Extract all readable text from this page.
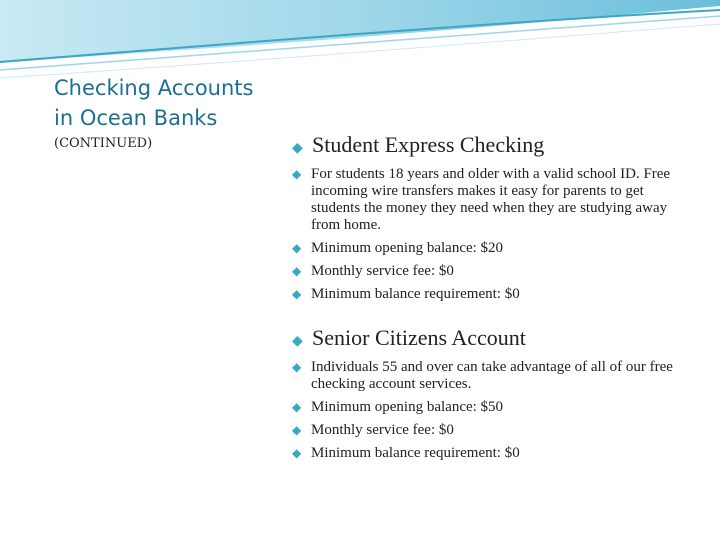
Checking Accounts
in Ocean Banks
(CONTINUED)	◆ Student Express Checking
◆ For students 18 years and older with a valid school ID. Free incoming wire transfers makes it easy for parents to get students the money they need when they are studying away from home.
◆ Minimum opening balance: $20
◆ Monthly service fee: $0
◆ Minimum balance requirement: $0
◆ Senior Citizens Account
◆ Individuals 55 and over can take advantage of all of our free checking account services.
◆ Minimum opening balance: $50
◆ Monthly service fee: $0
◆ Minimum balance requirement: $0
